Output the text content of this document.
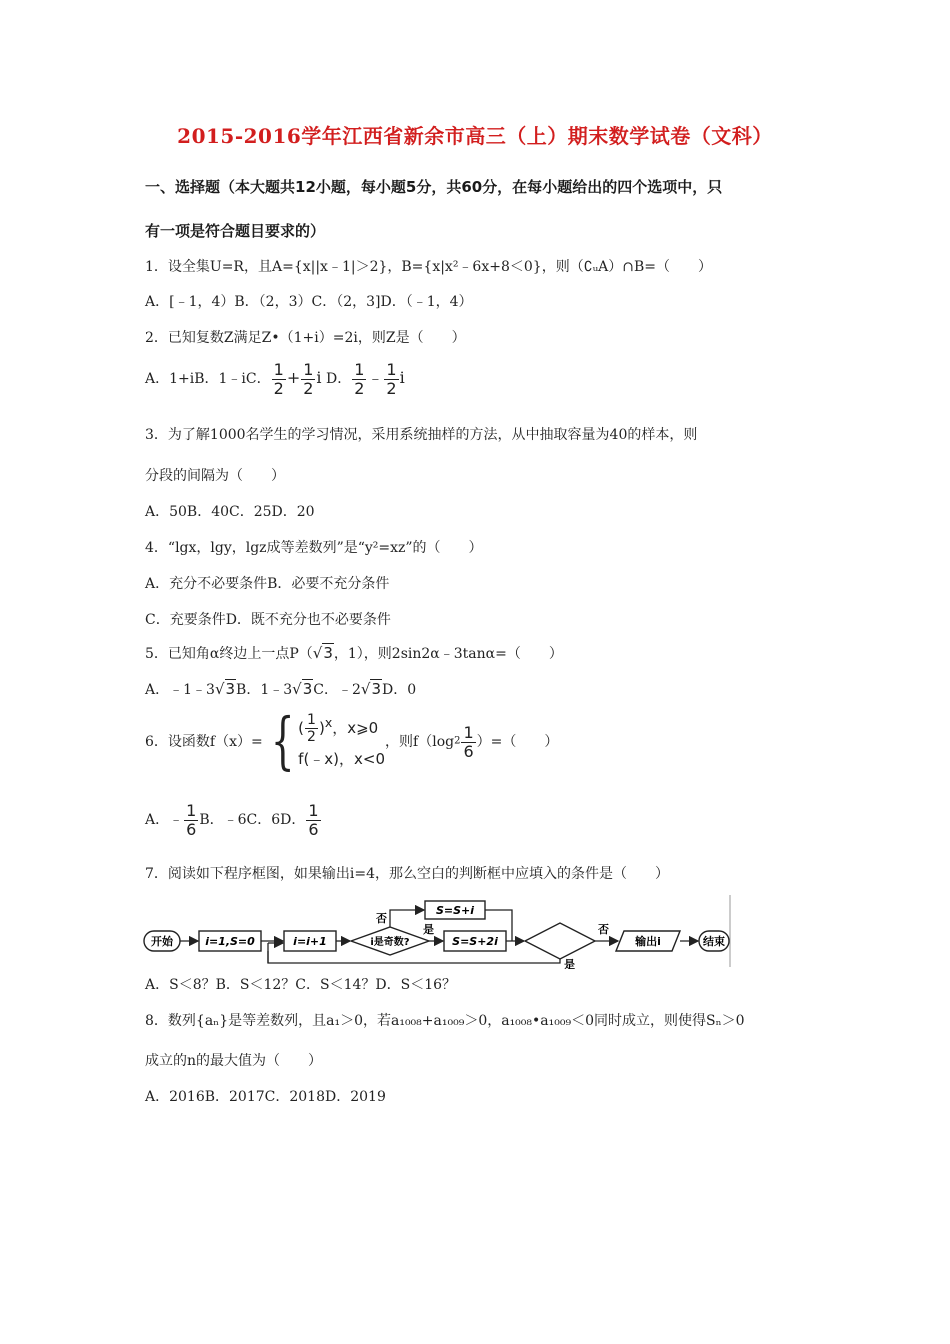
2015-2016学年江西省新余市高三（上）期末数学试卷（文科）
一、选择题（本大题共12小题，每小题5分，共60分，在每小题给出的四个选项中，只
有一项是符合题目要求的）
1．设全集U=R，且A={x||x﹣1|＞2}，B={x|x²﹣6x+8＜0}，则（∁ᵤA）∩B=（　　）
A．[﹣1，4）B．（2，3）C．（2，3]D．（﹣1，4）
2．已知复数Z满足Z•（1+i）=2i，则Z是（　　）
A．1+iB．1﹣iC． $\frac{1}{2} + \frac{1}{2}$ i D． $\frac{1}{2}$ ﹣ $\frac{1}{2}$ i
3．为了解1000名学生的学习情况，采用系统抽样的方法，从中抽取容量为40的样本，则
分段的间隔为（　　）
A．50B．40C．25D．20
4．“lgx，lgy，lgz成等差数列”是“y²=xz”的（　　）
A．充分不必要条件B．必要不充分条件
C．充要条件D．既不充分也不必要条件
5．已知角α终边上一点P（√3，1），则2sin2α﹣3tanα=（　　）
A．﹣1﹣3√3B．1﹣3√3C．﹣2√3D．0
6．设函数f（x）= { ( $\frac{1}{2} )^x$，x⩾0
f(﹣x)，x<0
，则$f(\log 2 \frac{1}{6}$ ）=（　　）
A．﹣ $\frac{1}{6}$ B．﹣6C．6D． $\frac{1}{6}$
7．阅读如下程序框图，如果输出i=4，那么空白的判断框中应填入的条件是（　　）
开始	i=1,S=0	i=i+1	i是奇数?
否
S=S+i
是
S=S+2i
否
输出i	结束
是
A．S＜8？B．S＜12？C．S＜14？D．S＜16？
8．数列{aₙ}是等差数列，且a₁＞0，若a₁₀₀₈+a₁₀₀₉＞0，a₁₀₀₈•a₁₀₀₉＜0同时成立，则使得Sₙ＞0
成立的n的最大值为（　　）
A．2016B．2017C．2018D．2019
